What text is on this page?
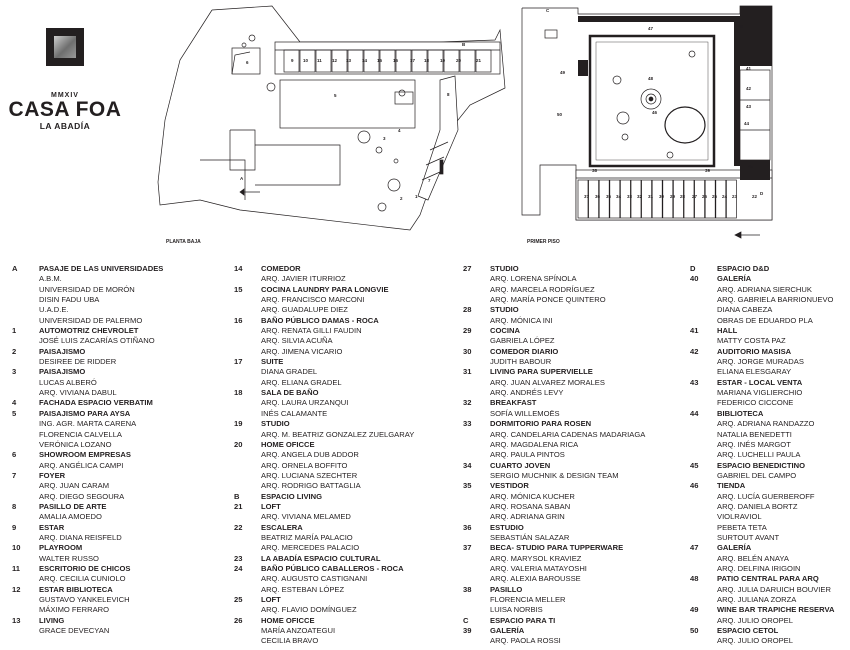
9 10 11 12 13 14 15 16	17 18 19 20	21
8
6
5
7
4
3
2	1
B
A
47
48
46
49
50
45
44
43
42
41
40
39
38
37 36 35 34 33 32 31 30 29 28 27 26 25 24 23	22
C
D
PLANTA BAJA	PRIMER PISO
MMXIV
CASA FOA
LA ABADÍA
A	PASAJE DE LAS UNIVERSIDADES
A.B.M.
UNIVERSIDAD DE MORÓN
DISIN FADU UBA
U.A.D.E.
UNIVERSIDAD DE PALERMO
1	AUTOMOTRIZ CHEVROLET
JOSÉ LUIS ZACARÍAS OTIÑANO
2	PAISAJISMO
DESIREE DE RIDDER
3	PAISAJISMO
LUCAS ALBERÓ
ARQ. VIVIANA DABUL
4	FACHADA ESPACIO VERBATIM
5	PAISAJISMO PARA AYSA
ING. AGR. MARTA CARENA
FLORENCIA CALVELLA
VERÓNICA LOZANO
6	SHOWROOM EMPRESAS
ARQ. ANGÉLICA CAMPI
7	FOYER
ARQ. JUAN CARAM
ARQ. DIEGO SEGOURA
8	PASILLO DE ARTE
AMALIA AMOEDO
9	ESTAR
ARQ. DIANA REISFELD
10	PLAYROOM
WALTER RUSSO
11	ESCRITORIO DE CHICOS
ARQ. CECILIA CUNIOLO
12	ESTAR BIBLIOTECA
GUSTAVO YANKELEVICH
MÁXIMO FERRARO
13	LIVING
GRACE DEVECYAN
14	COMEDOR
ARQ. JAVIER ITURRIOZ
15	COCINA LAUNDRY PARA LONGVIE
ARQ. FRANCISCO MARCONI
ARQ. GUADALUPE DIEZ
16	BAÑO PÚBLICO DAMAS - ROCA
ARQ. RENATA GILLI FAUDIN
ARQ. SILVIA ACUÑA
ARQ. JIMENA VICARIO
17	SUITE
DIANA GRADEL
ARQ. ELIANA GRADEL
18	SALA DE BAÑO
ARQ. LAURA URZANQUI
INÉS CALAMANTE
19	STUDIO
ARQ. M. BEATRIZ GONZALEZ ZUELGARAY
20	HOME OFICCE
ARQ. ANGELA DUB ADDOR
ARQ. ORNELA BOFFITO
ARQ. LUCIANA SZECHTER
ARQ. RODRIGO BATTAGLIA
B	ESPACIO LIVING
21	LOFT
ARQ. VIVIANA MELAMED
22	ESCALERA
BEATRIZ MARÍA PALACIO
ARQ. MERCEDES PALACIO
23	LA ABADÍA ESPACIO CULTURAL
24	BAÑO PÚBLICO CABALLEROS - ROCA
ARQ. AUGUSTO CASTIGNANI
ARQ. ESTEBAN LÓPEZ
25	LOFT
ARQ. FLAVIO DOMÍNGUEZ
26	HOME OFICCE
MARÍA ANZOATEGUI
CECILIA BRAVO
27	STUDIO
ARQ. LORENA SPÍNOLA
ARQ. MARCELA RODRÍGUEZ
ARQ. MARÍA PONCE QUINTERO
28	STUDIO
ARQ. MÓNICA INI
29	COCINA
GABRIELA LÓPEZ
30	COMEDOR DIARIO
JUDITH BABOUR
31	LIVING PARA SUPERVIELLE
ARQ. JUAN ALVAREZ MORALES
ARQ. ANDRÉS LEVY
32	BREAKFAST
SOFÍA WILLEMOËS
33	DORMITORIO PARA ROSEN
ARQ. CANDELARIA CADENAS MADARIAGA
ARQ. MAGDALENA RICA
ARQ. PAULA PINTOS
34	CUARTO JOVEN
SERGIO MUCHNIK & DESIGN TEAM
35	VESTIDOR
ARQ. MÓNICA KUCHER
ARQ. ROSANA SABAN
ARQ. ADRIANA GRIN
36	ESTUDIO
SEBASTIÁN SALAZAR
37	BECA- STUDIO PARA TUPPERWARE
ARQ. MARYSOL KRAVIEZ
ARQ. VALERIA MATAYOSHI
ARQ. ALEXIA BAROUSSE
38	PASILLO
FLORENCIA MELLER
LUISA NORBIS
C	ESPACIO PARA TI
39	GALERÍA
ARQ. PAOLA ROSSI
D	ESPACIO D&D
40	GALERÍA
ARQ. ADRIANA SIERCHUK
ARQ. GABRIELA BARRIONUEVO
DIANA CABEZA
OBRAS DE EDUARDO PLA
41	HALL
MATTY COSTA PAZ
42	AUDITORIO MASISA
ARQ. JORGE MURADAS
ELIANA ELESGARAY
43	ESTAR - LOCAL VENTA
MARIANA VIGLIERCHIO
FEDERICO CICCONE
44	BIBLIOTECA
ARQ. ADRIANA RANDAZZO
NATALIA BENEDETTI
ARQ. INÉS MARGOT
ARQ. LUCHELLI PAULA
45	ESPACIO BENEDICTINO
GABRIEL DEL CAMPO
46	TIENDA
ARQ. LUCÍA GUERBEROFF
ARQ. DANIELA BORTZ
VIOLRAVIOL
PEBETA TETA
SURTOUT AVANT
47	GALERÍA
ARQ. BELÉN ANAYA
ARQ. DELFINA IRIGOIN
48	PATIO CENTRAL PARA ARQ
ARQ. JULIA DARUICH BOUVIER
ARQ. JULIANA ZORZA
49	WINE BAR TRAPICHE RESERVA
ARQ. JULIO OROPEL
50	ESPACIO CETOL
ARQ. JULIO OROPEL
